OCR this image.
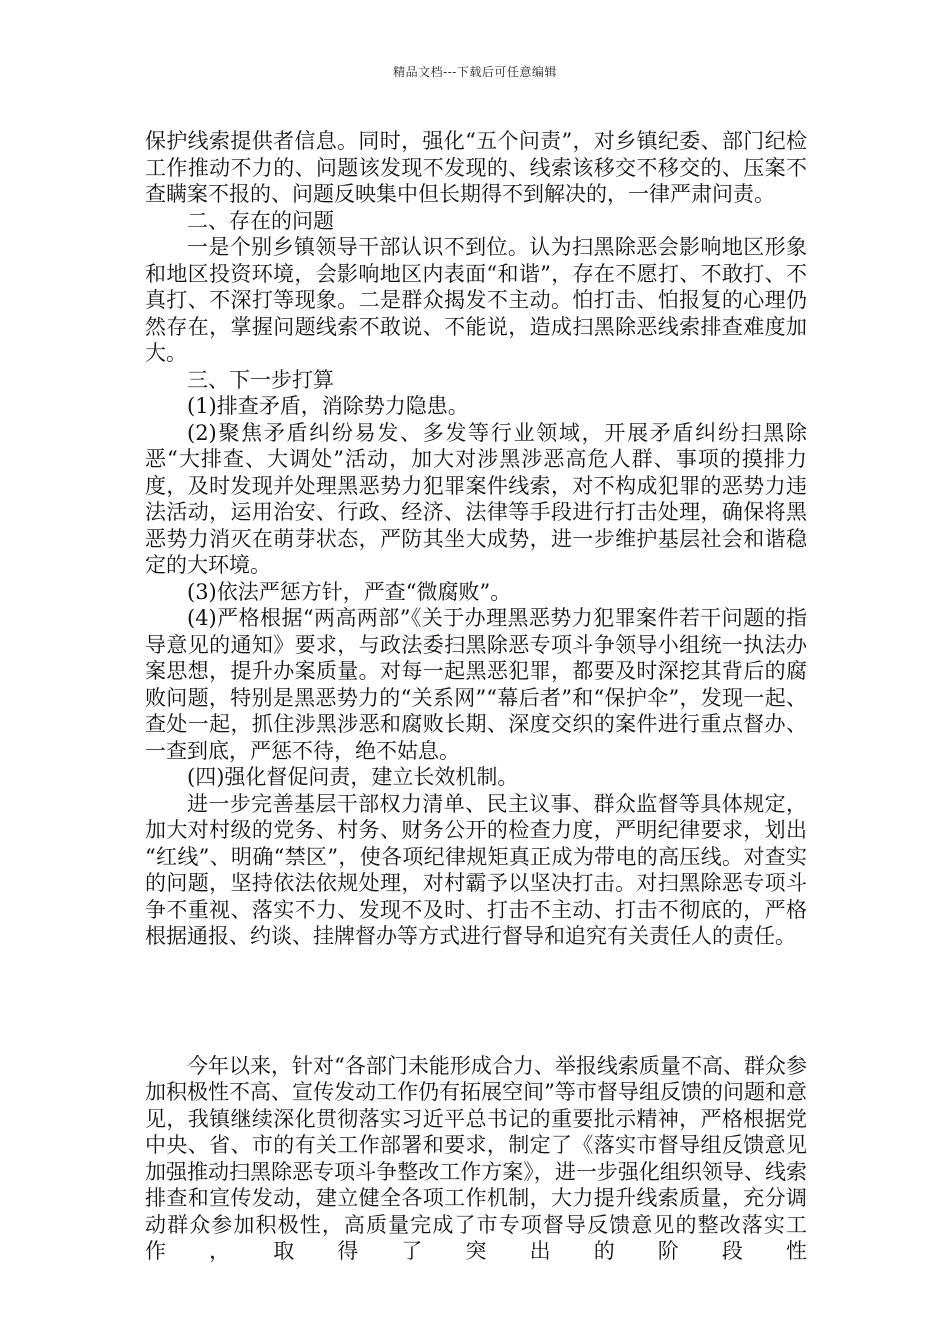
精品文档---下载后可任意编辑

保护线索提供者信息。同时，强化“五个问责”，对乡镇纪委、部门纪检工作推动不力的、问题该发现不发现的、线索该移交不移交的、压案不查瞒案不报的、问题反映集中但长期得不到解决的，一律严肃问责。

二、存在的问题

一是个别乡镇领导干部认识不到位。认为扫黑除恶会影响地区形象和地区投资环境，会影响地区内表面“和谐”，存在不愿打、不敢打、不真打、不深打等现象。二是群众揭发不主动。怕打击、怕报复的心理仍然存在，掌握问题线索不敢说、不能说，造成扫黑除恶线索排查难度加大。

三、下一步打算

(1)排查矛盾，消除势力隐患。

(2)聚焦矛盾纠纷易发、多发等行业领域，开展矛盾纠纷扫黑除恶“大排查、大调处”活动，加大对涉黑涉恶高危人群、事项的摸排力度，及时发现并处理黑恶势力犯罪案件线索，对不构成犯罪的恶势力违法活动，运用治安、行政、经济、法律等手段进行打击处理，确保将黑恶势力消灭在萌芽状态，严防其坐大成势，进一步维护基层社会和谐稳定的大环境。

(3)依法严惩方针，严查“微腐败”。

(4)严格根据“两高两部”《关于办理黑恶势力犯罪案件若干问题的指导意见的通知》要求，与政法委扫黑除恶专项斗争领导小组统一执法办案思想，提升办案质量。对每一起黑恶犯罪，都要及时深挖其背后的腐败问题，特别是黑恶势力的“关系网”“幕后者”和“保护伞”，发现一起、查处一起，抓住涉黑涉恶和腐败长期、深度交织的案件进行重点督办、一查到底，严惩不待，绝不姑息。

(四)强化督促问责，建立长效机制。

进一步完善基层干部权力清单、民主议事、群众监督等具体规定，加大对村级的党务、村务、财务公开的检查力度，严明纪律要求，划出 “红线”、明确“禁区”，使各项纪律规矩真正成为带电的高压线。对查实的问题，坚持依法依规处理，对村霸予以坚决打击。对扫黑除恶专项斗争不重视、落实不力、发现不及时、打击不主动、打击不彻底的，严格根据通报、约谈、挂牌督办等方式进行督导和追究有关责任人的责任。

今年以来，针对“各部门未能形成合力、举报线索质量不高、群众参加积极性不高、宣传发动工作仍有拓展空间”等市督导组反馈的问题和意见，我镇继续深化贯彻落实习近平总书记的重要批示精神，严格根据党中央、省、市的有关工作部署和要求，制定了《落实市督导组反馈意见加强推动扫黑除恶专项斗争整改工作方案》，进一步强化组织领导、线索排查和宣传发动，建立健全各项工作机制，大力提升线索质量，充分调动群众参加积极性，高质量完成了市专项督导反馈意见的整改落实工作，取得了突出的阶段性
